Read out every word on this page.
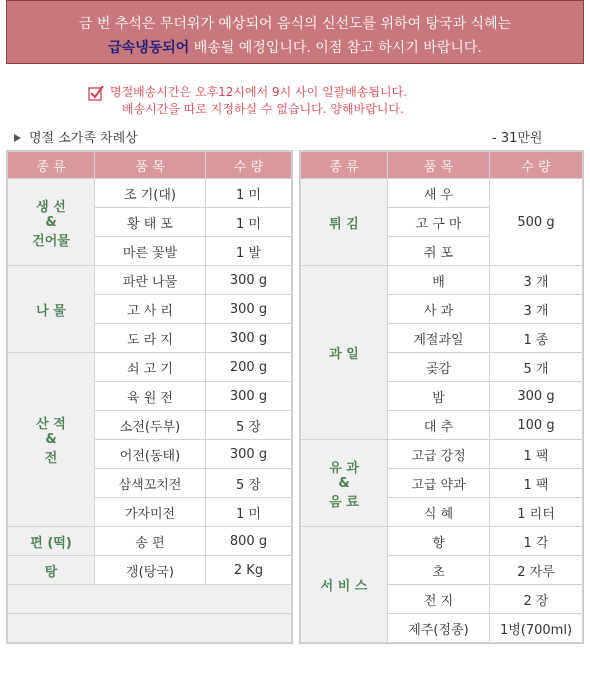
금 번 추석은 무더위가 예상되어 음식의 신선도를 위하여 탕국과 식혜는
급속냉동되어 배송될 예정입니다. 이점 참고 하시기 바랍니다.
명절배송시간은 오후12시에서 9시 사이 일괄배송됩니다.
배송시간을 따로 지정하실 수 없습니다. 양해바랍니다.
명절 소가족 차례상	- 31만원
종 류	품 목	수 량
생 선
&
건어물	조 기(대)	1 미
	황 태 포	1 미
	마른 꽃발	1 발
나 물	파란 나물	300 g
	고 사 리	300 g
	도 라 지	300 g
산 적
&
전	쇠 고 기	200 g
	육 원 전	300 g
	소전(두부)	5 장
	어전(동태)	300 g
	삼색꼬치전	5 장
	가자미전	1 미
편 (떡)	송 편	800 g
탕	갱(탕국)	2 Kg

종 류	품 목	수 량
튀 김	새 우	500 g
	고 구 마	
	쥐 포	
과 일	배	3 개
	사 과	3 개
	계절과일	1 종
	곶감	5 개
	밤	300 g
	대 추	100 g
유 과
&
음 료	고급 강정	1 팩
	고급 약과	1 팩
	식 혜	1 리터
서 비 스	향	1 각
	초	2 자루
	전 지	2 장
	제주(정종)	1병(700ml)
